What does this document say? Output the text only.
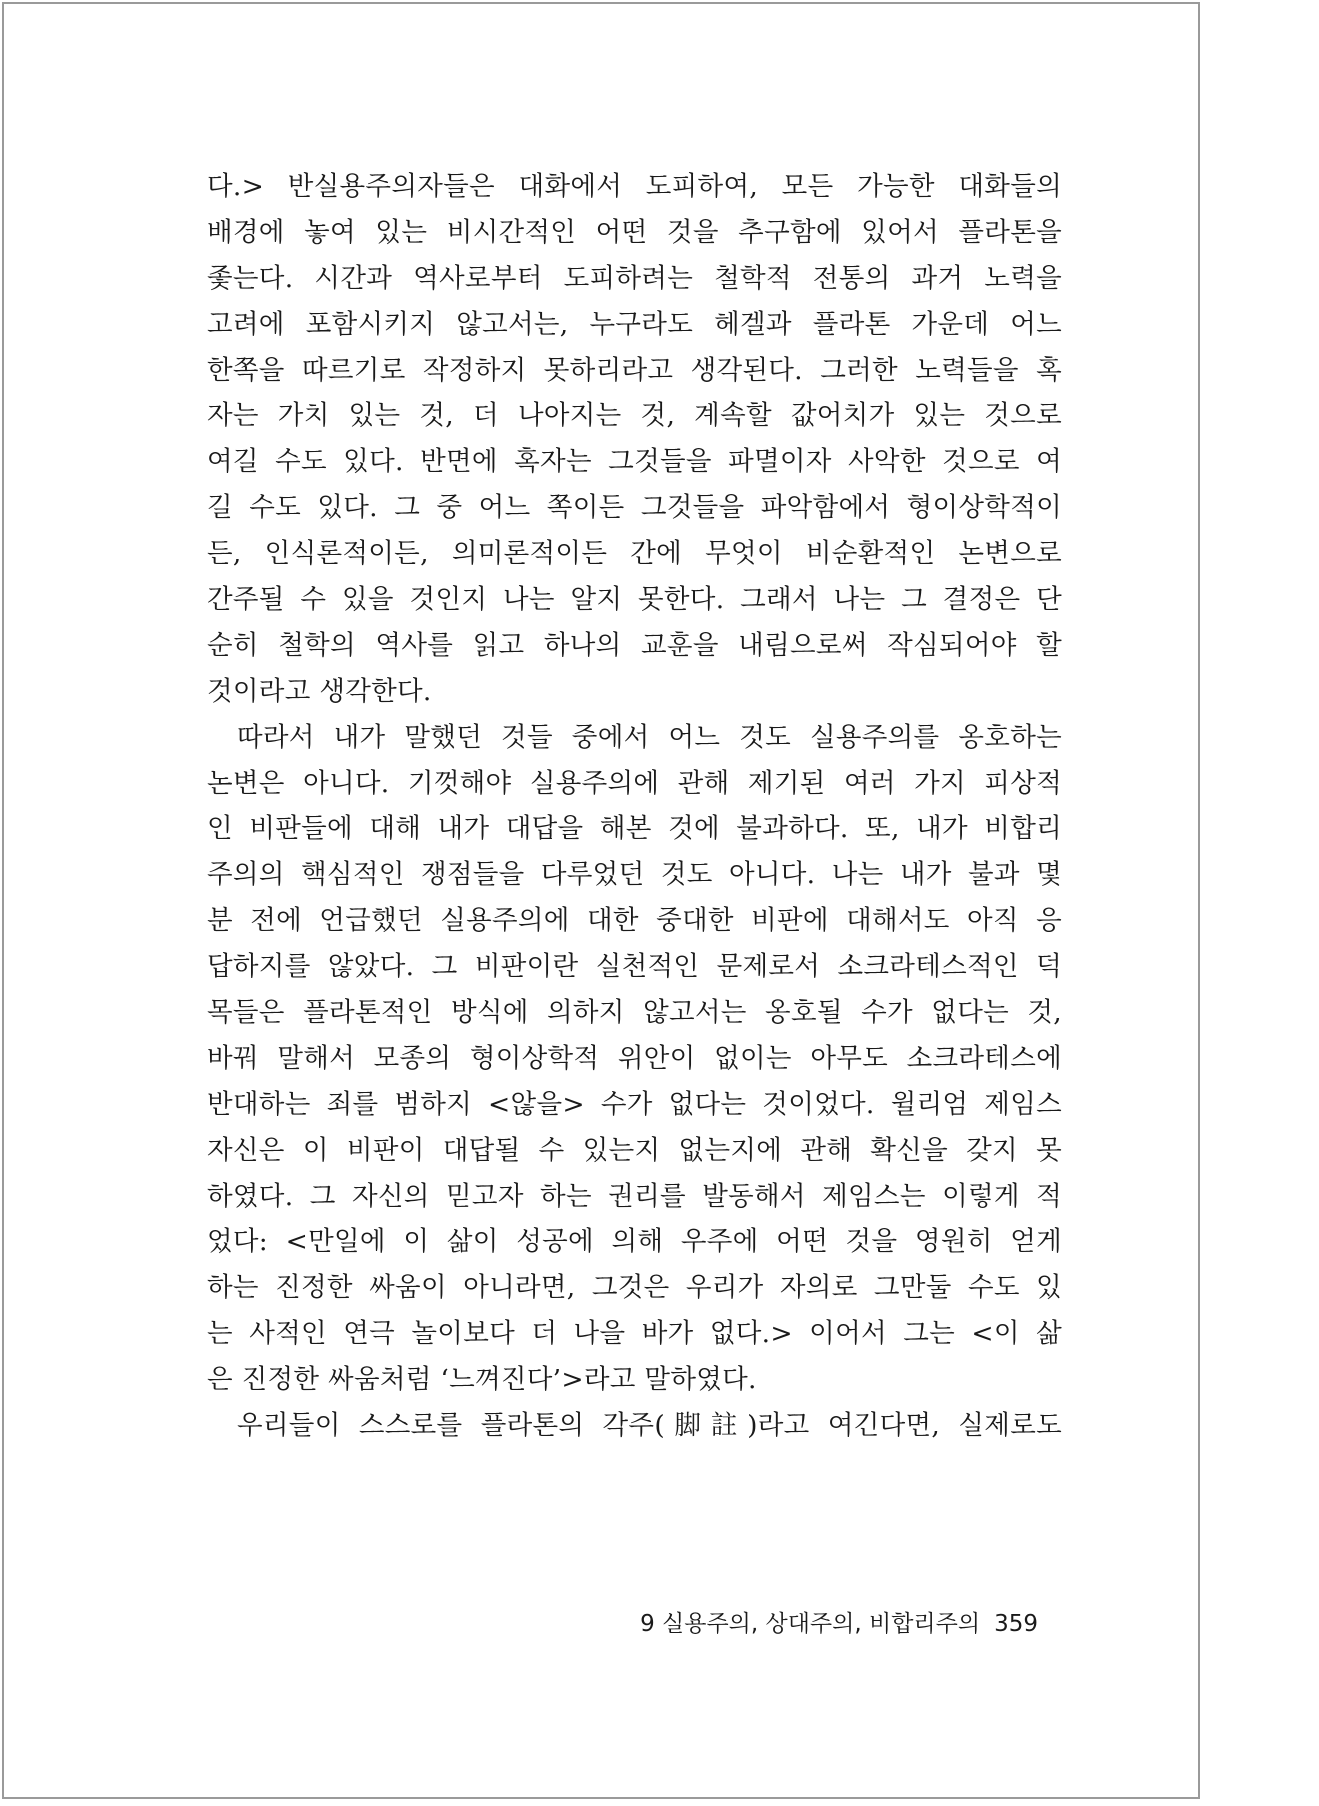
다.> 반실용주의자들은 대화에서 도피하여, 모든 가능한 대화들의
배경에 놓여 있는 비시간적인 어떤 것을 추구함에 있어서 플라톤을
좇는다. 시간과 역사로부터 도피하려는 철학적 전통의 과거 노력을
고려에 포함시키지 않고서는, 누구라도 헤겔과 플라톤 가운데 어느
한쪽을 따르기로 작정하지 못하리라고 생각된다. 그러한 노력들을 혹
자는 가치 있는 것, 더 나아지는 것, 계속할 값어치가 있는 것으로
여길 수도 있다. 반면에 혹자는 그것들을 파멸이자 사악한 것으로 여
길 수도 있다. 그 중 어느 쪽이든 그것들을 파악함에서 형이상학적이
든, 인식론적이든, 의미론적이든 간에 무엇이 비순환적인 논변으로
간주될 수 있을 것인지 나는 알지 못한다. 그래서 나는 그 결정은 단
순히 철학의 역사를 읽고 하나의 교훈을 내림으로써 작심되어야 할
것이라고 생각한다.
따라서 내가 말했던 것들 중에서 어느 것도 실용주의를 옹호하는
논변은 아니다. 기껏해야 실용주의에 관해 제기된 여러 가지 피상적
인 비판들에 대해 내가 대답을 해본 것에 불과하다. 또, 내가 비합리
주의의 핵심적인 쟁점들을 다루었던 것도 아니다. 나는 내가 불과 몇
분 전에 언급했던 실용주의에 대한 중대한 비판에 대해서도 아직 응
답하지를 않았다. 그 비판이란 실천적인 문제로서 소크라테스적인 덕
목들은 플라톤적인 방식에 의하지 않고서는 옹호될 수가 없다는 것,
바꿔 말해서 모종의 형이상학적 위안이 없이는 아무도 소크라테스에
반대하는 죄를 범하지 <않을> 수가 없다는 것이었다. 윌리엄 제임스
자신은 이 비판이 대답될 수 있는지 없는지에 관해 확신을 갖지 못
하였다. 그 자신의 믿고자 하는 권리를 발동해서 제임스는 이렇게 적
었다: <만일에 이 삶이 성공에 의해 우주에 어떤 것을 영원히 얻게
하는 진정한 싸움이 아니라면, 그것은 우리가 자의로 그만둘 수도 있
는 사적인 연극 놀이보다 더 나을 바가 없다.> 이어서 그는 <이 삶
은 진정한 싸움처럼 ‘느껴진다’>라고 말하였다.
우리들이 스스로를 플라톤의 각주(脚註)라고 여긴다면, 실제로도
9 실용주의, 상대주의, 비합리주의 359
